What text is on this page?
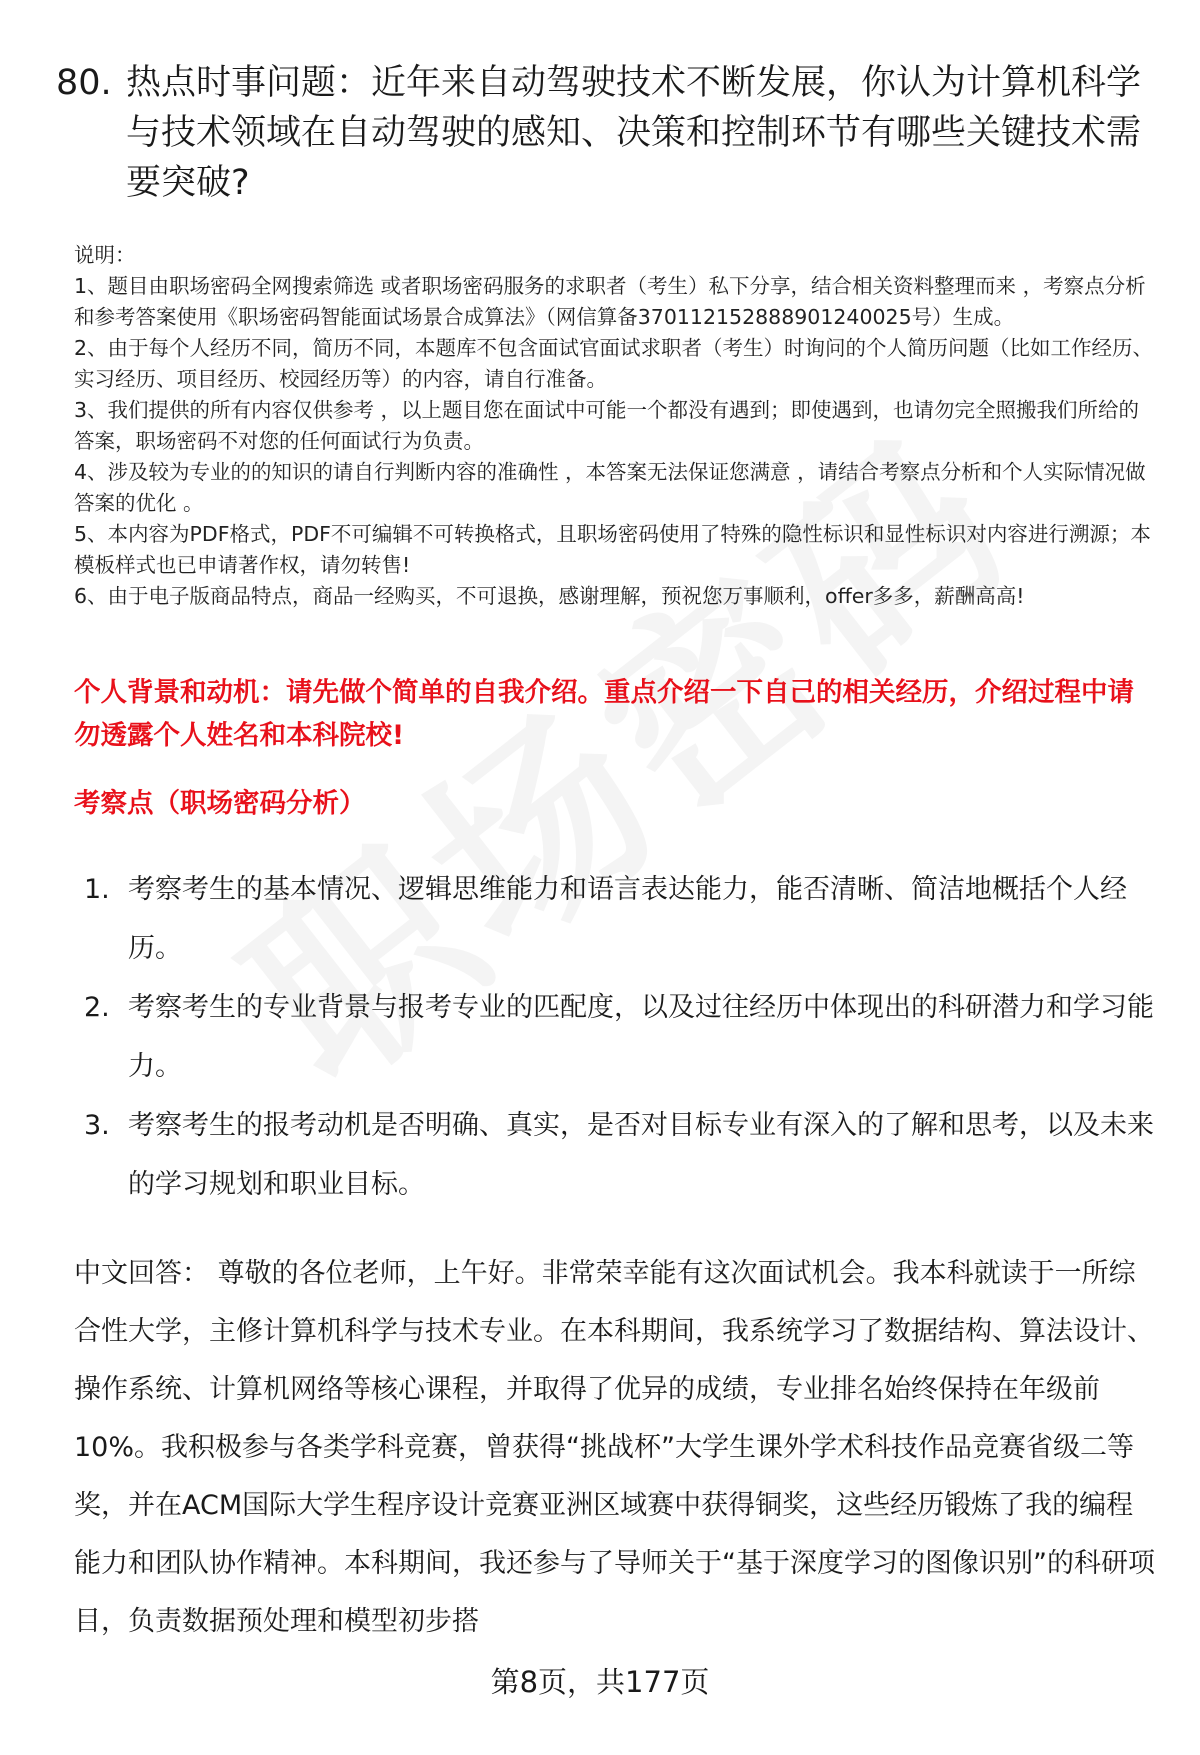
80. 热点时事问题：近年来自动驾驶技术不断发展，你认为计算机科学与技术领域在自动驾驶的感知、决策和控制环节有哪些关键技术需要突破?

说明：

1、题目由职场密码全网搜索筛选 或者职场密码服务的求职者（考生）私下分享，结合相关资料整理而来 ，考察点分析和参考答案使用《职场密码智能面试场景合成算法》（网信算备370112152888901240025号）生成。

2、由于每个人经历不同，简历不同，本题库不包含面试官面试求职者（考生）时询问的个人简历问题（比如工作经历、实习经历、项目经历、校园经历等）的内容，请自行准备。

3、我们提供的所有内容仅供参考 ，以上题目您在面试中可能一个都没有遇到；即使遇到，也请勿完全照搬我们所给的答案，职场密码不对您的任何面试行为负责。

4、涉及较为专业的的知识的请自行判断内容的准确性 ，本答案无法保证您满意 ，请结合考察点分析和个人实际情况做答案的优化 。

5、本内容为PDF格式，PDF不可编辑不可转换格式，且职场密码使用了特殊的隐性标识和显性标识对内容进行溯源；本模板样式也已申请著作权，请勿转售!

6、由于电子版商品特点，商品一经购买，不可退换，感谢理解，预祝您万事顺利，offer多多，薪酬高高!

个人背景和动机：请先做个简单的自我介绍。重点介绍一下自己的相关经历，介绍过程中请勿透露个人姓名和本科院校!
考察点（职场密码分析）
1. 考察考生的基本情况、逻辑思维能力和语言表达能力，能否清晰、简洁地概括个人经历。
2. 考察考生的专业背景与报考专业的匹配度，以及过往经历中体现出的科研潜力和学习能力。
3. 考察考生的报考动机是否明确、真实，是否对目标专业有深入的了解和思考，以及未来的学习规划和职业目标。

中文回答： 尊敬的各位老师，上午好。非常荣幸能有这次面试机会。我本科就读于一所综合性大学，主修计算机科学与技术专业。在本科期间，我系统学习了数据结构、算法设计、操作系统、计算机网络等核心课程，并取得了优异的成绩，专业排名始终保持在年级前10%。我积极参与各类学科竞赛，曾获得“挑战杯”大学生课外学术科技作品竞赛省级二等奖，并在ACM国际大学生程序设计竞赛亚洲区域赛中获得铜奖，这些经历锻炼了我的编程能力和团队协作精神。本科期间，我还参与了导师关于“基于深度学习的图像识别”的科研项目，负责数据预处理和模型初步搭

第8页，共177页
